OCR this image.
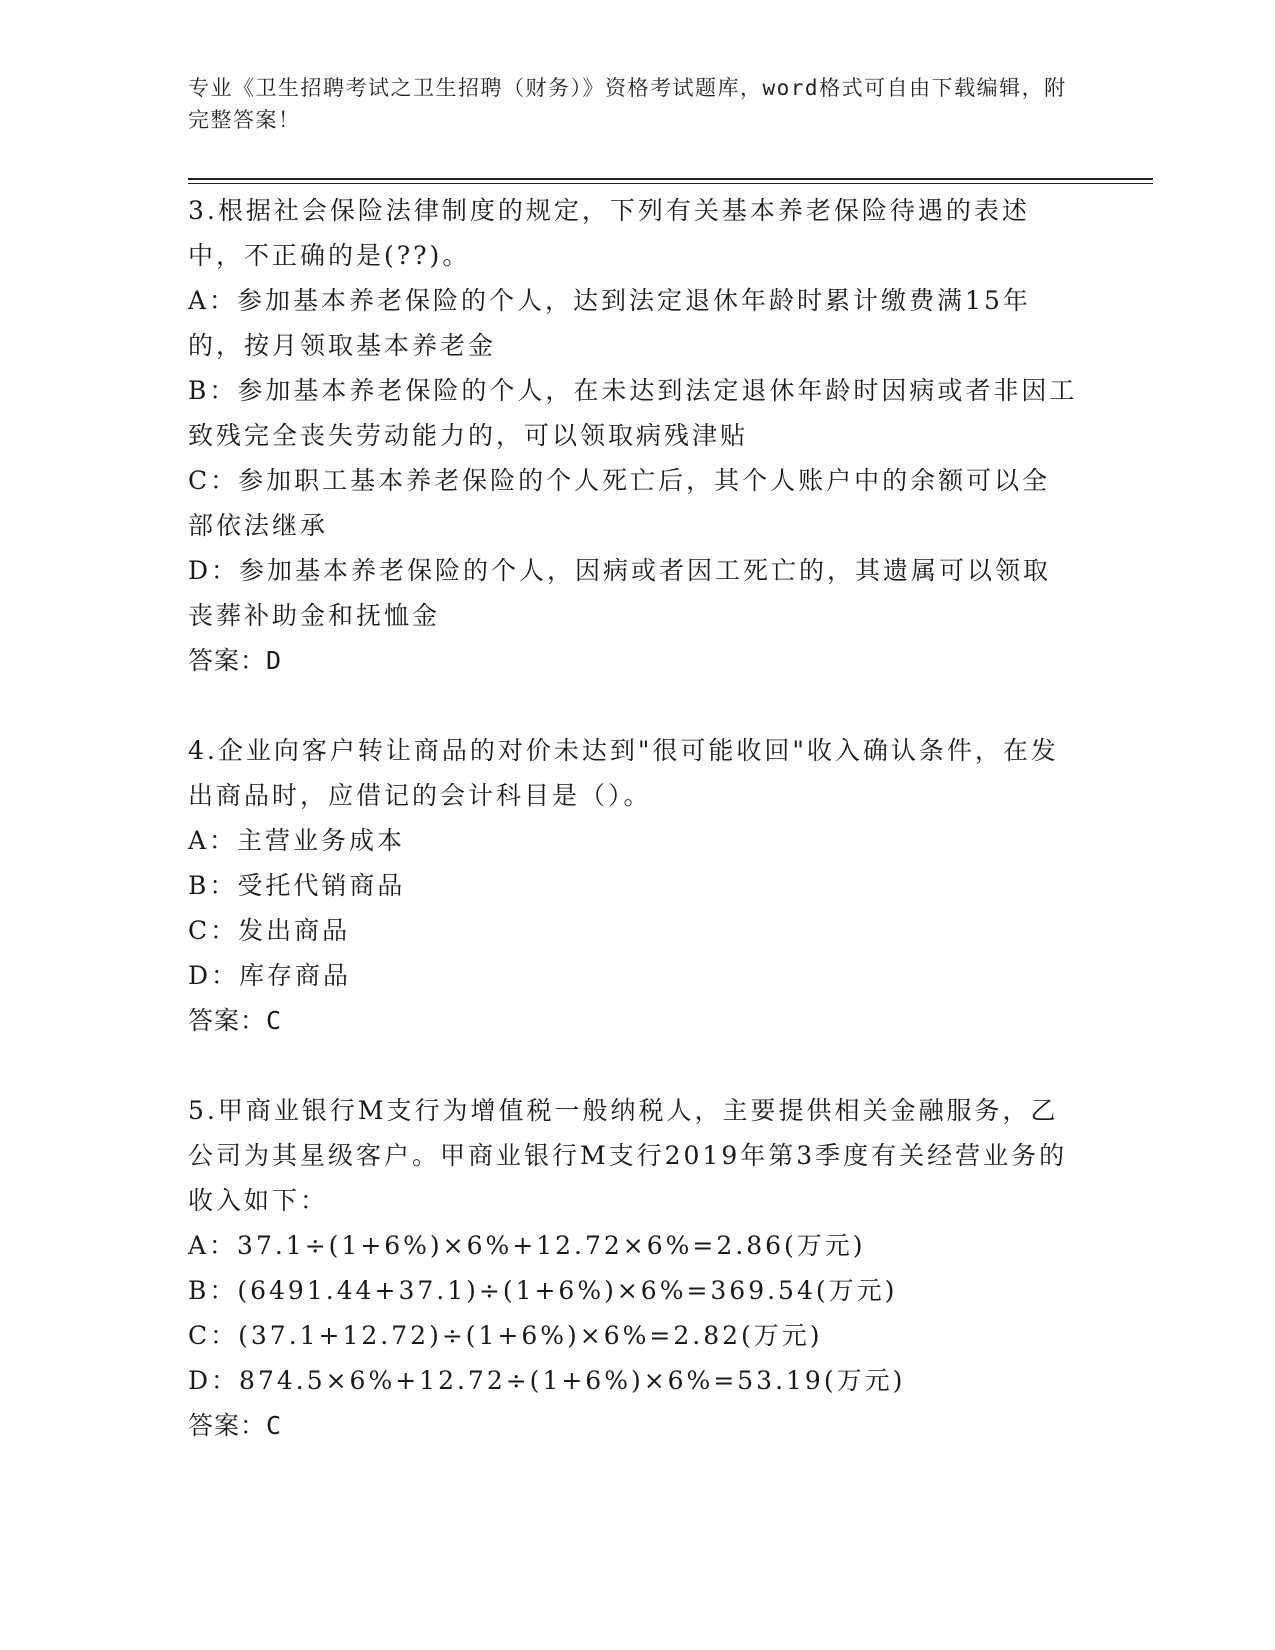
专业《卫生招聘考试之卫生招聘（财务）》资格考试题库，word格式可自由下载编辑，附完整答案！
3.根据社会保险法律制度的规定，下列有关基本养老保险待遇的表述中，不正确的是(??)。
A：参加基本养老保险的个人，达到法定退休年龄时累计缴费满15年的，按月领取基本养老金
B：参加基本养老保险的个人，在未达到法定退休年龄时因病或者非因工致残完全丧失劳动能力的，可以领取病残津贴
C：参加职工基本养老保险的个人死亡后，其个人账户中的余额可以全部依法继承
D：参加基本养老保险的个人，因病或者因工死亡的，其遗属可以领取丧葬补助金和抚恤金
答案：D
4.企业向客户转让商品的对价未达到"很可能收回"收入确认条件，在发出商品时，应借记的会计科目是（）。
A：主营业务成本
B：受托代销商品
C：发出商品
D：库存商品
答案：C
5.甲商业银行M支行为增值税一般纳税人，主要提供相关金融服务，乙公司为其星级客户。甲商业银行M支行2019年第3季度有关经营业务的收入如下：
A：37.1÷(1+6%)×6%+12.72×6%=2.86(万元)
B：(6491.44+37.1)÷(1+6%)×6%=369.54(万元)
C：(37.1+12.72)÷(1+6%)×6%=2.82(万元)
D：874.5×6%+12.72÷(1+6%)×6%=53.19(万元)
答案：C
